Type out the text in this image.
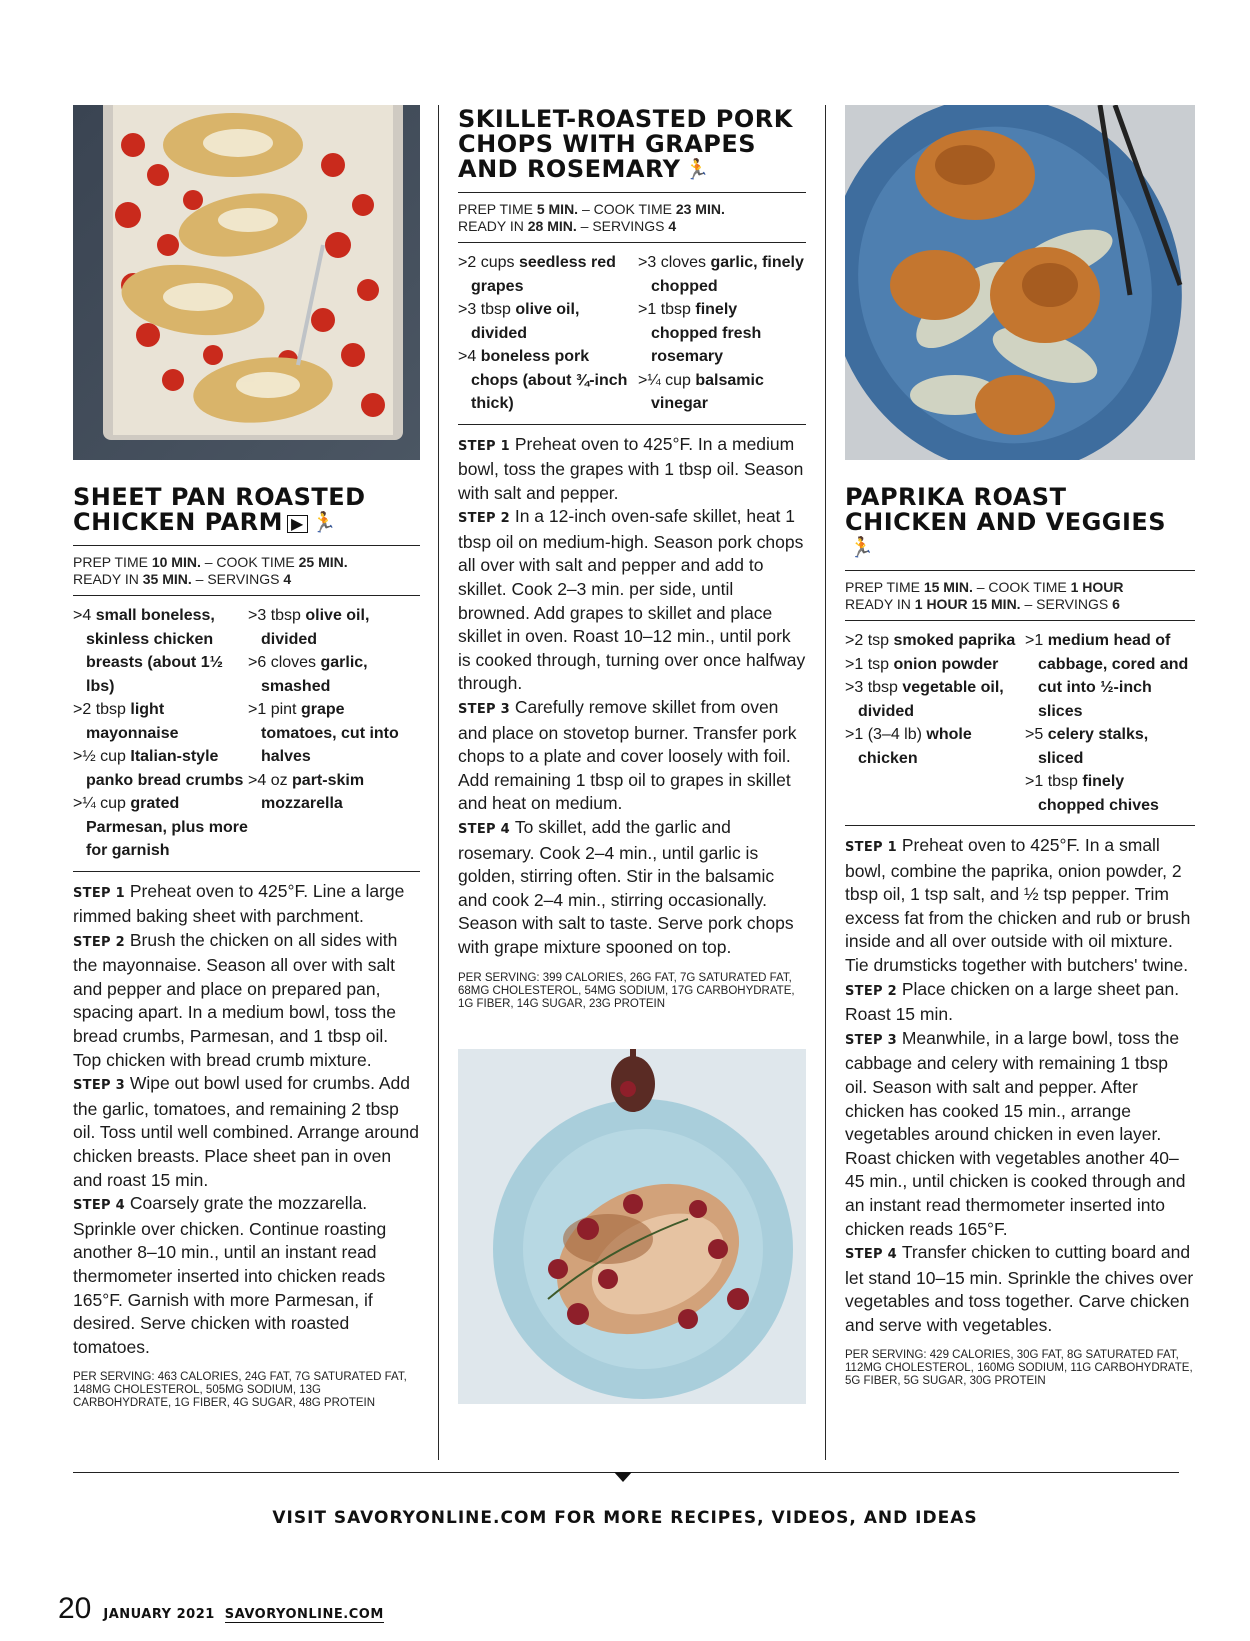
SHEET PAN ROASTED
CHICKEN PARM ▶ 🏃
PREP TIME 10 MIN. – COOK TIME 25 MIN.
READY IN 35 MIN. – SERVINGS 4
>4 small boneless, skinless chicken breasts (about 1½ lbs)
>2 tbsp light mayonnaise
>½ cup Italian-style panko bread crumbs
>¼ cup grated Parmesan, plus more for garnish
>3 tbsp olive oil, divided
>6 cloves garlic, smashed
>1 pint grape tomatoes, cut into halves
>4 oz part-skim mozzarella

STEP 1 Preheat oven to 425°F. Line a large rimmed baking sheet with parchment.

STEP 2 Brush the chicken on all sides with the mayonnaise. Season all over with salt and pepper and place on prepared pan, spacing apart. In a medium bowl, toss the bread crumbs, Parmesan, and 1 tbsp oil. Top chicken with bread crumb mixture.

STEP 3 Wipe out bowl used for crumbs. Add the garlic, tomatoes, and remaining 2 tbsp oil. Toss until well combined. Arrange around chicken breasts. Place sheet pan in oven and roast 15 min.

STEP 4 Coarsely grate the mozzarella. Sprinkle over chicken. Continue roasting another 8–10 min., until an instant read thermometer inserted into chicken reads 165°F. Garnish with more Parmesan, if desired. Serve chicken with roasted tomatoes.

PER SERVING: 463 CALORIES, 24G FAT, 7G SATURATED FAT, 148MG CHOLESTEROL, 505MG SODIUM, 13G CARBOHYDRATE, 1G FIBER, 4G SUGAR, 48G PROTEIN
SKILLET-ROASTED PORK
CHOPS WITH GRAPES
AND ROSEMARY 🏃
PREP TIME 5 MIN. – COOK TIME 23 MIN.
READY IN 28 MIN. – SERVINGS 4
>2 cups seedless red grapes
>3 tbsp olive oil, divided
>4 boneless pork chops (about ¾-inch thick)
>3 cloves garlic, finely chopped
>1 tbsp finely chopped fresh rosemary
>¼ cup balsamic vinegar

STEP 1 Preheat oven to 425°F. In a medium bowl, toss the grapes with 1 tbsp oil. Season with salt and pepper.

STEP 2 In a 12-inch oven-safe skillet, heat 1 tbsp oil on medium-high. Season pork chops all over with salt and pepper and add to skillet. Cook 2–3 min. per side, until browned. Add grapes to skillet and place skillet in oven. Roast 10–12 min., until pork is cooked through, turning over once halfway through.

STEP 3 Carefully remove skillet from oven and place on stovetop burner. Transfer pork chops to a plate and cover loosely with foil. Add remaining 1 tbsp oil to grapes in skillet and heat on medium.

STEP 4 To skillet, add the garlic and rosemary. Cook 2–4 min., until garlic is golden, stirring often. Stir in the balsamic and cook 2–4 min., stirring occasionally. Season with salt to taste. Serve pork chops with grape mixture spooned on top.

PER SERVING: 399 CALORIES, 26G FAT, 7G SATURATED FAT, 68MG CHOLESTEROL, 54MG SODIUM, 17G CARBOHYDRATE, 1G FIBER, 14G SUGAR, 23G PROTEIN
PAPRIKA ROAST
CHICKEN AND VEGGIES🏃
PREP TIME 15 MIN. – COOK TIME 1 HOUR
READY IN 1 HOUR 15 MIN. – SERVINGS 6
>2 tsp smoked paprika
>1 tsp onion powder
>3 tbsp vegetable oil, divided
>1 (3–4 lb) whole chicken
>1 medium head of cabbage, cored and cut into ½-inch slices
>5 celery stalks, sliced
>1 tbsp finely chopped chives

STEP 1 Preheat oven to 425°F. In a small bowl, combine the paprika, onion powder, 2 tbsp oil, 1 tsp salt, and ½ tsp pepper. Trim excess fat from the chicken and rub or brush inside and all over outside with oil mixture. Tie drumsticks together with butchers' twine.

STEP 2 Place chicken on a large sheet pan. Roast 15 min.

STEP 3 Meanwhile, in a large bowl, toss the cabbage and celery with remaining 1 tbsp oil. Season with salt and pepper. After chicken has cooked 15 min., arrange vegetables around chicken in even layer. Roast chicken with vegetables another 40–45 min., until chicken is cooked through and an instant read thermometer inserted into chicken reads 165°F.

STEP 4 Transfer chicken to cutting board and let stand 10–15 min. Sprinkle the chives over vegetables and toss together. Carve chicken and serve with vegetables.

PER SERVING: 429 CALORIES, 30G FAT, 8G SATURATED FAT, 112MG CHOLESTEROL, 160MG SODIUM, 11G CARBOHYDRATE, 5G FIBER, 5G SUGAR, 30G PROTEIN
VISIT SAVORYONLINE.COM FOR MORE RECIPES, VIDEOS, AND IDEAS
20 JANUARY 2021 SAVORYONLINE.COM
